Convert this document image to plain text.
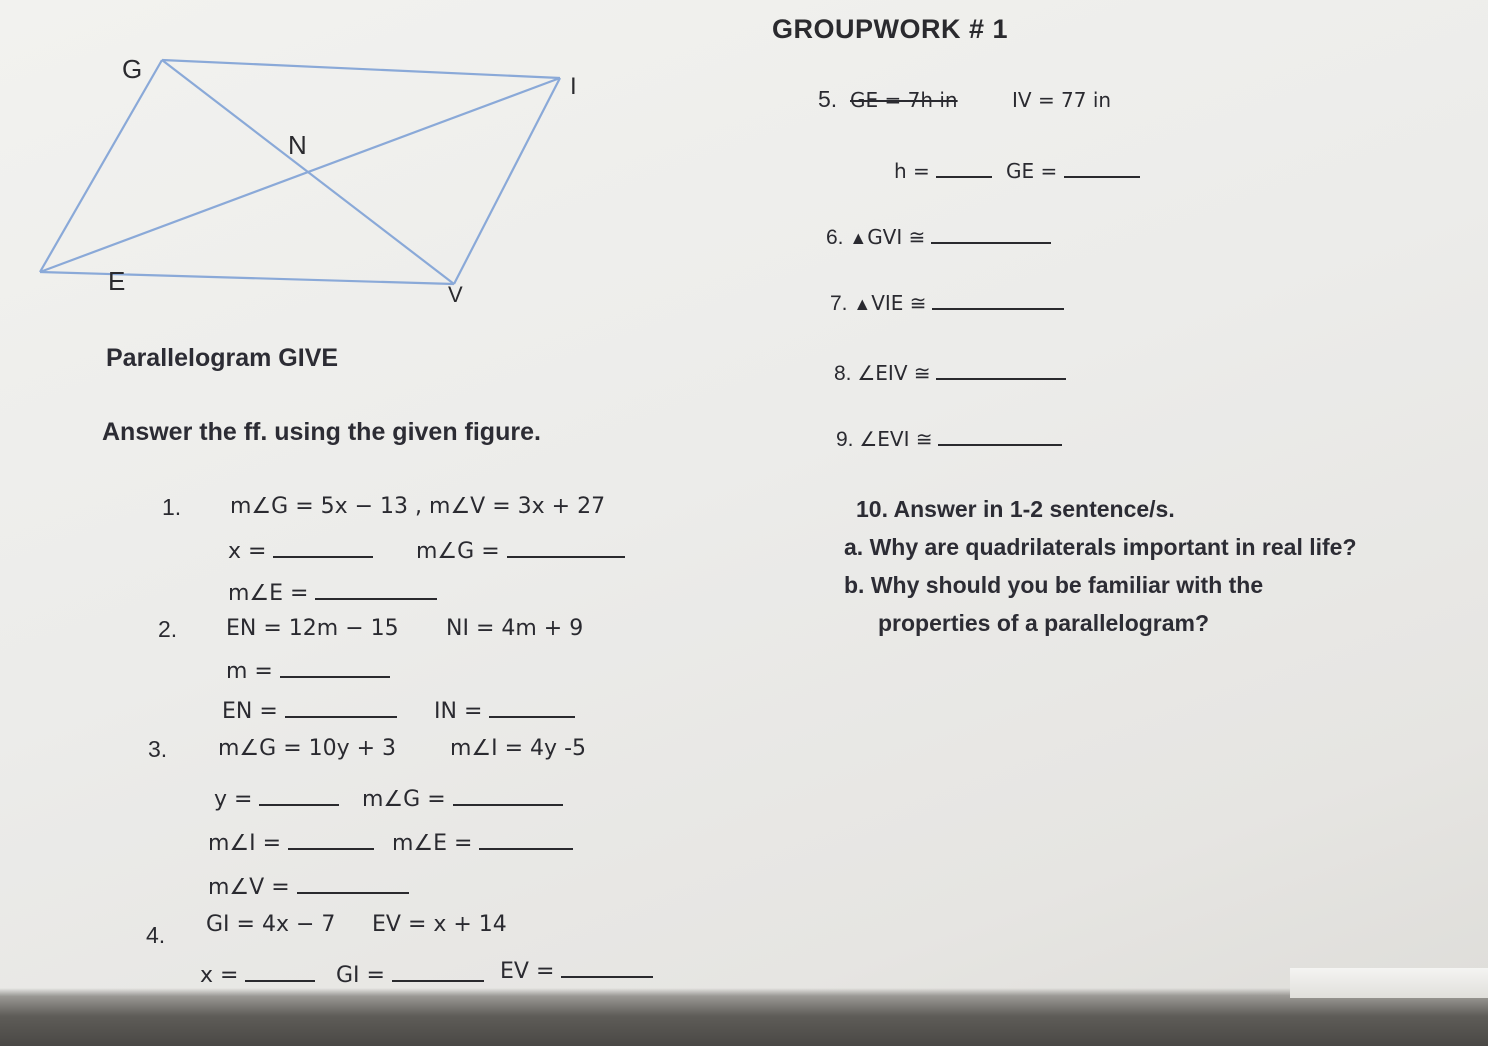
GROUPWORK # 1
G
I
N
E	V
Parallelogram GIVE
Answer the ff. using the given figure.
1. m∠G = 5x − 13 , m∠V = 3x + 27
x =	m∠G =
m∠E =
2. EN = 12m − 15 NI = 4m + 9
m =
EN =	IN =
3. m∠G = 10y + 3 m∠I = 4y -5
y =	m∠G =
m∠I =	m∠E =
m∠V =
4. GI = 4x − 7 EV = x + 14
x =	GI =	EV =
5. GE = 7h in	IV = 77 in
h =	GE =
6. ▲GVI ≅
7. ▲VIE ≅
8. ∠EIV ≅
9. ∠EVI ≅
10. Answer in 1-2 sentence/s.
a. Why are quadrilaterals important in real life?
b. Why should you be familiar with the
properties of a parallelogram?
